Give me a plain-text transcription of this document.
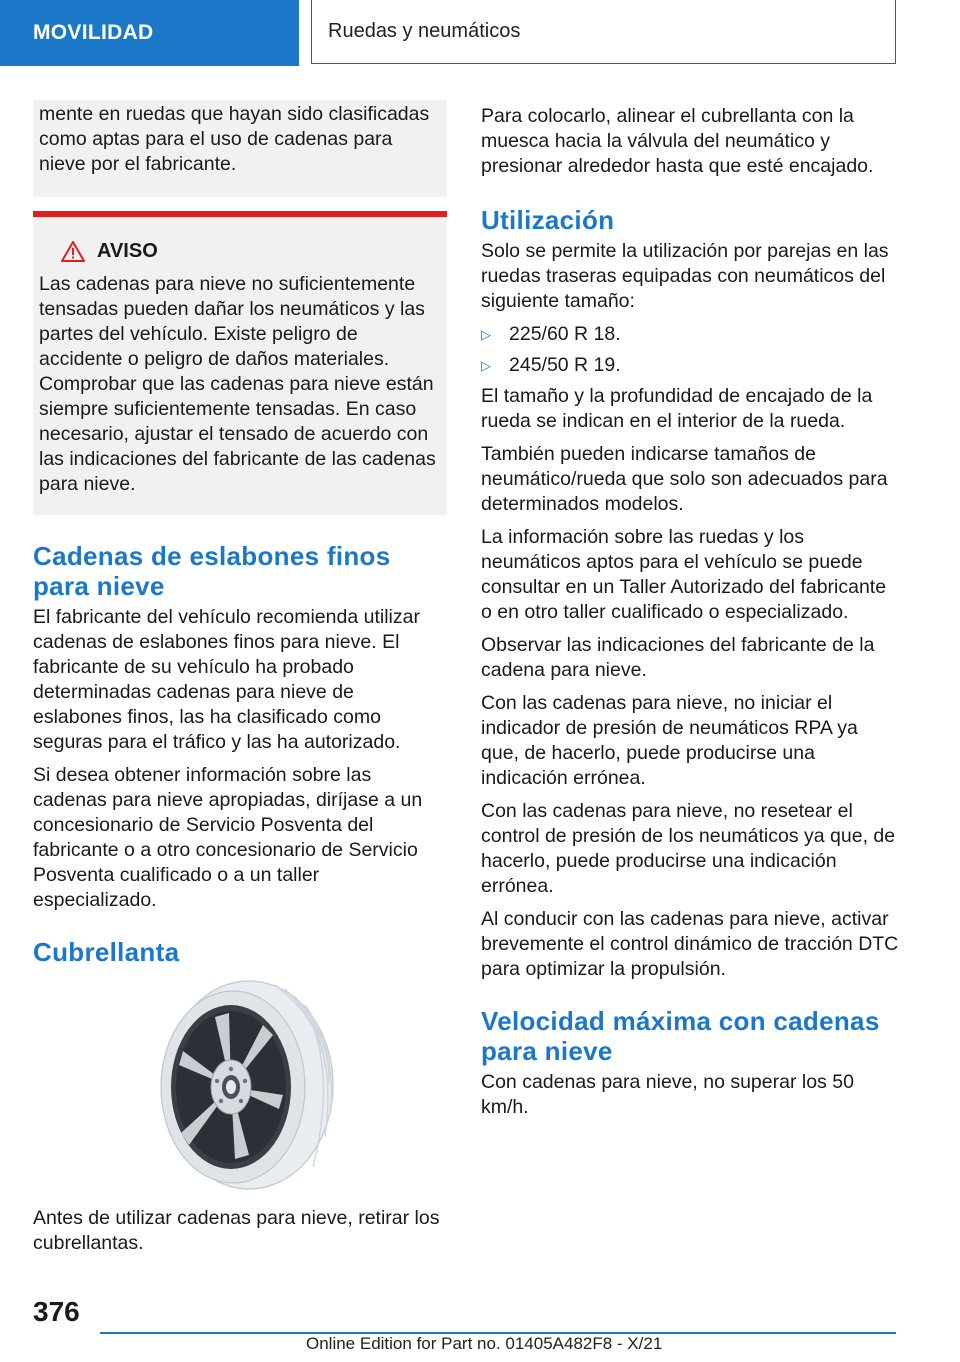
MOVILIDAD	Ruedas y neumáticos

mente en ruedas que hayan sido clasificadas como aptas para el uso de cadenas para nieve por el fabricante.

AVISO

Las cadenas para nieve no suficientemente tensadas pueden dañar los neumáticos y las partes del vehículo. Existe peligro de accidente o peligro de daños materiales. Comprobar que las cadenas para nieve están siempre suficientemente tensadas. En caso necesario, ajustar el tensado de acuerdo con las indicaciones del fabricante de las cadenas para nieve.

Cadenas de eslabones finos para nieve

El fabricante del vehículo recomienda utilizar cadenas de eslabones finos para nieve. El fabricante de su vehículo ha probado determinadas cadenas para nieve de eslabones finos, las ha clasificado como seguras para el tráfico y las ha autorizado.

Si desea obtener información sobre las cadenas para nieve apropiadas, diríjase a un concesionario de Servicio Posventa del fabricante o a otro concesionario de Servicio Posventa cualificado o a un taller especializado.

Cubrellanta

Antes de utilizar cadenas para nieve, retirar los cubrellantas.

Para colocarlo, alinear el cubrellanta con la muesca hacia la válvula del neumático y presionar alrededor hasta que esté encajado.

Utilización

Solo se permite la utilización por parejas en las ruedas traseras equipadas con neumáticos del siguiente tamaño:

▷ 225/60 R 18.
▷ 245/50 R 19.

El tamaño y la profundidad de encajado de la rueda se indican en el interior de la rueda.

También pueden indicarse tamaños de neumático/rueda que solo son adecuados para determinados modelos.

La información sobre las ruedas y los neumáticos aptos para el vehículo se puede consultar en un Taller Autorizado del fabricante o en otro taller cualificado o especializado.

Observar las indicaciones del fabricante de la cadena para nieve.

Con las cadenas para nieve, no iniciar el indicador de presión de neumáticos RPA ya que, de hacerlo, puede producirse una indicación errónea.

Con las cadenas para nieve, no resetear el control de presión de los neumáticos ya que, de hacerlo, puede producirse una indicación errónea.

Al conducir con las cadenas para nieve, activar brevemente el control dinámico de tracción DTC para optimizar la propulsión.

Velocidad máxima con cadenas para nieve

Con cadenas para nieve, no superar los 50 km/h.

376
Online Edition for Part no. 01405A482F8 - X/21
